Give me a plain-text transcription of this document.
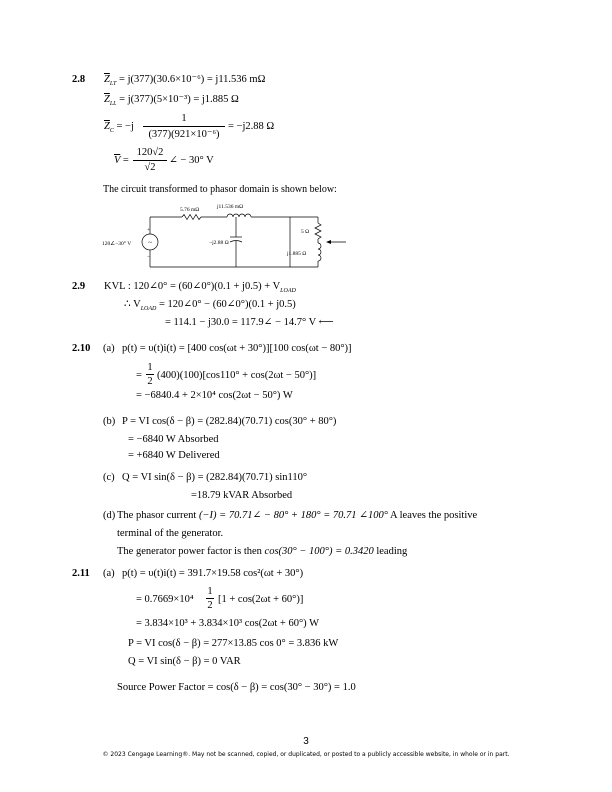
2.8 $\overline{Z}_{LT} = j(377)(30.6\times 10^{-6}) = j11.536$ mΩ
$\overline{Z}_{LL} = j(377)(5\times 10^{-3}) = j1.885$ Ω
$\overline{Z}_C = -j$
1
(377)(921×10⁻⁶)
= −j2.88 Ω
$\overline{V}$ =
120√2
√2
∠ − 30° V
The circuit transformed to phasor domain is shown below:
~
5.76 mΩ	j11.536 mΩ
120∠−30° V
+
−
−j2.88 Ω
5 Ω
j1.885 Ω
2.9 KVL : 120∠0° = (60∠0°)(0.1 + $j0.5) + V_{LOAD}$
∴ $V_{LOAD}$ = 120∠0° − (60∠0°)(0.1 + j0.5)
= 114.1 − j30.0 = 117.9∠ − 14.7° V ⟵
2.10 (a) p(t) = υ(t)i(t) = [400 cos(ωt + 30°)][100 cos(ωt − 80°)]
=
1
2
(400)(100)[cos110° + cos(2ωt − 50°)]
= −6840.4 + 2×10⁴ cos(2ωt − 50°) W
(b) P = VI cos(δ − β) = (282.84)(70.71) cos(30° + 80°)
= −6840 W Absorbed
= +6840 W Delivered
(c) Q = VI sin(δ − β) = (282.84)(70.71) sin110°
=18.79 kVAR Absorbed
(d) The phasor current (−I) = 70.71∠ − 80° + 180° = 70.71 ∠100° A leaves the positive
terminal of the generator.
The generator power factor is then cos(30° − 100°) = 0.3420 leading
2.11 (a) p(t) = υ(t)i(t) = 391.7×19.58 cos²(ωt + 30°)
= 0.7669×10⁴
1
2
[1 + cos(2ωt + 60°)]
= 3.834×10³ + 3.834×10³ cos(2ωt + 60°) W
P = VI cos(δ − β) = 277×13.85 cos 0° = 3.836 kW
Q = VI sin(δ − β) = 0 VAR
Source Power Factor = cos(δ − β) = cos(30° − 30°) = 1.0
3
© 2023 Cengage Learning®. May not be scanned, copied, or duplicated, or posted to a publicly accessible website, in whole or in part.
